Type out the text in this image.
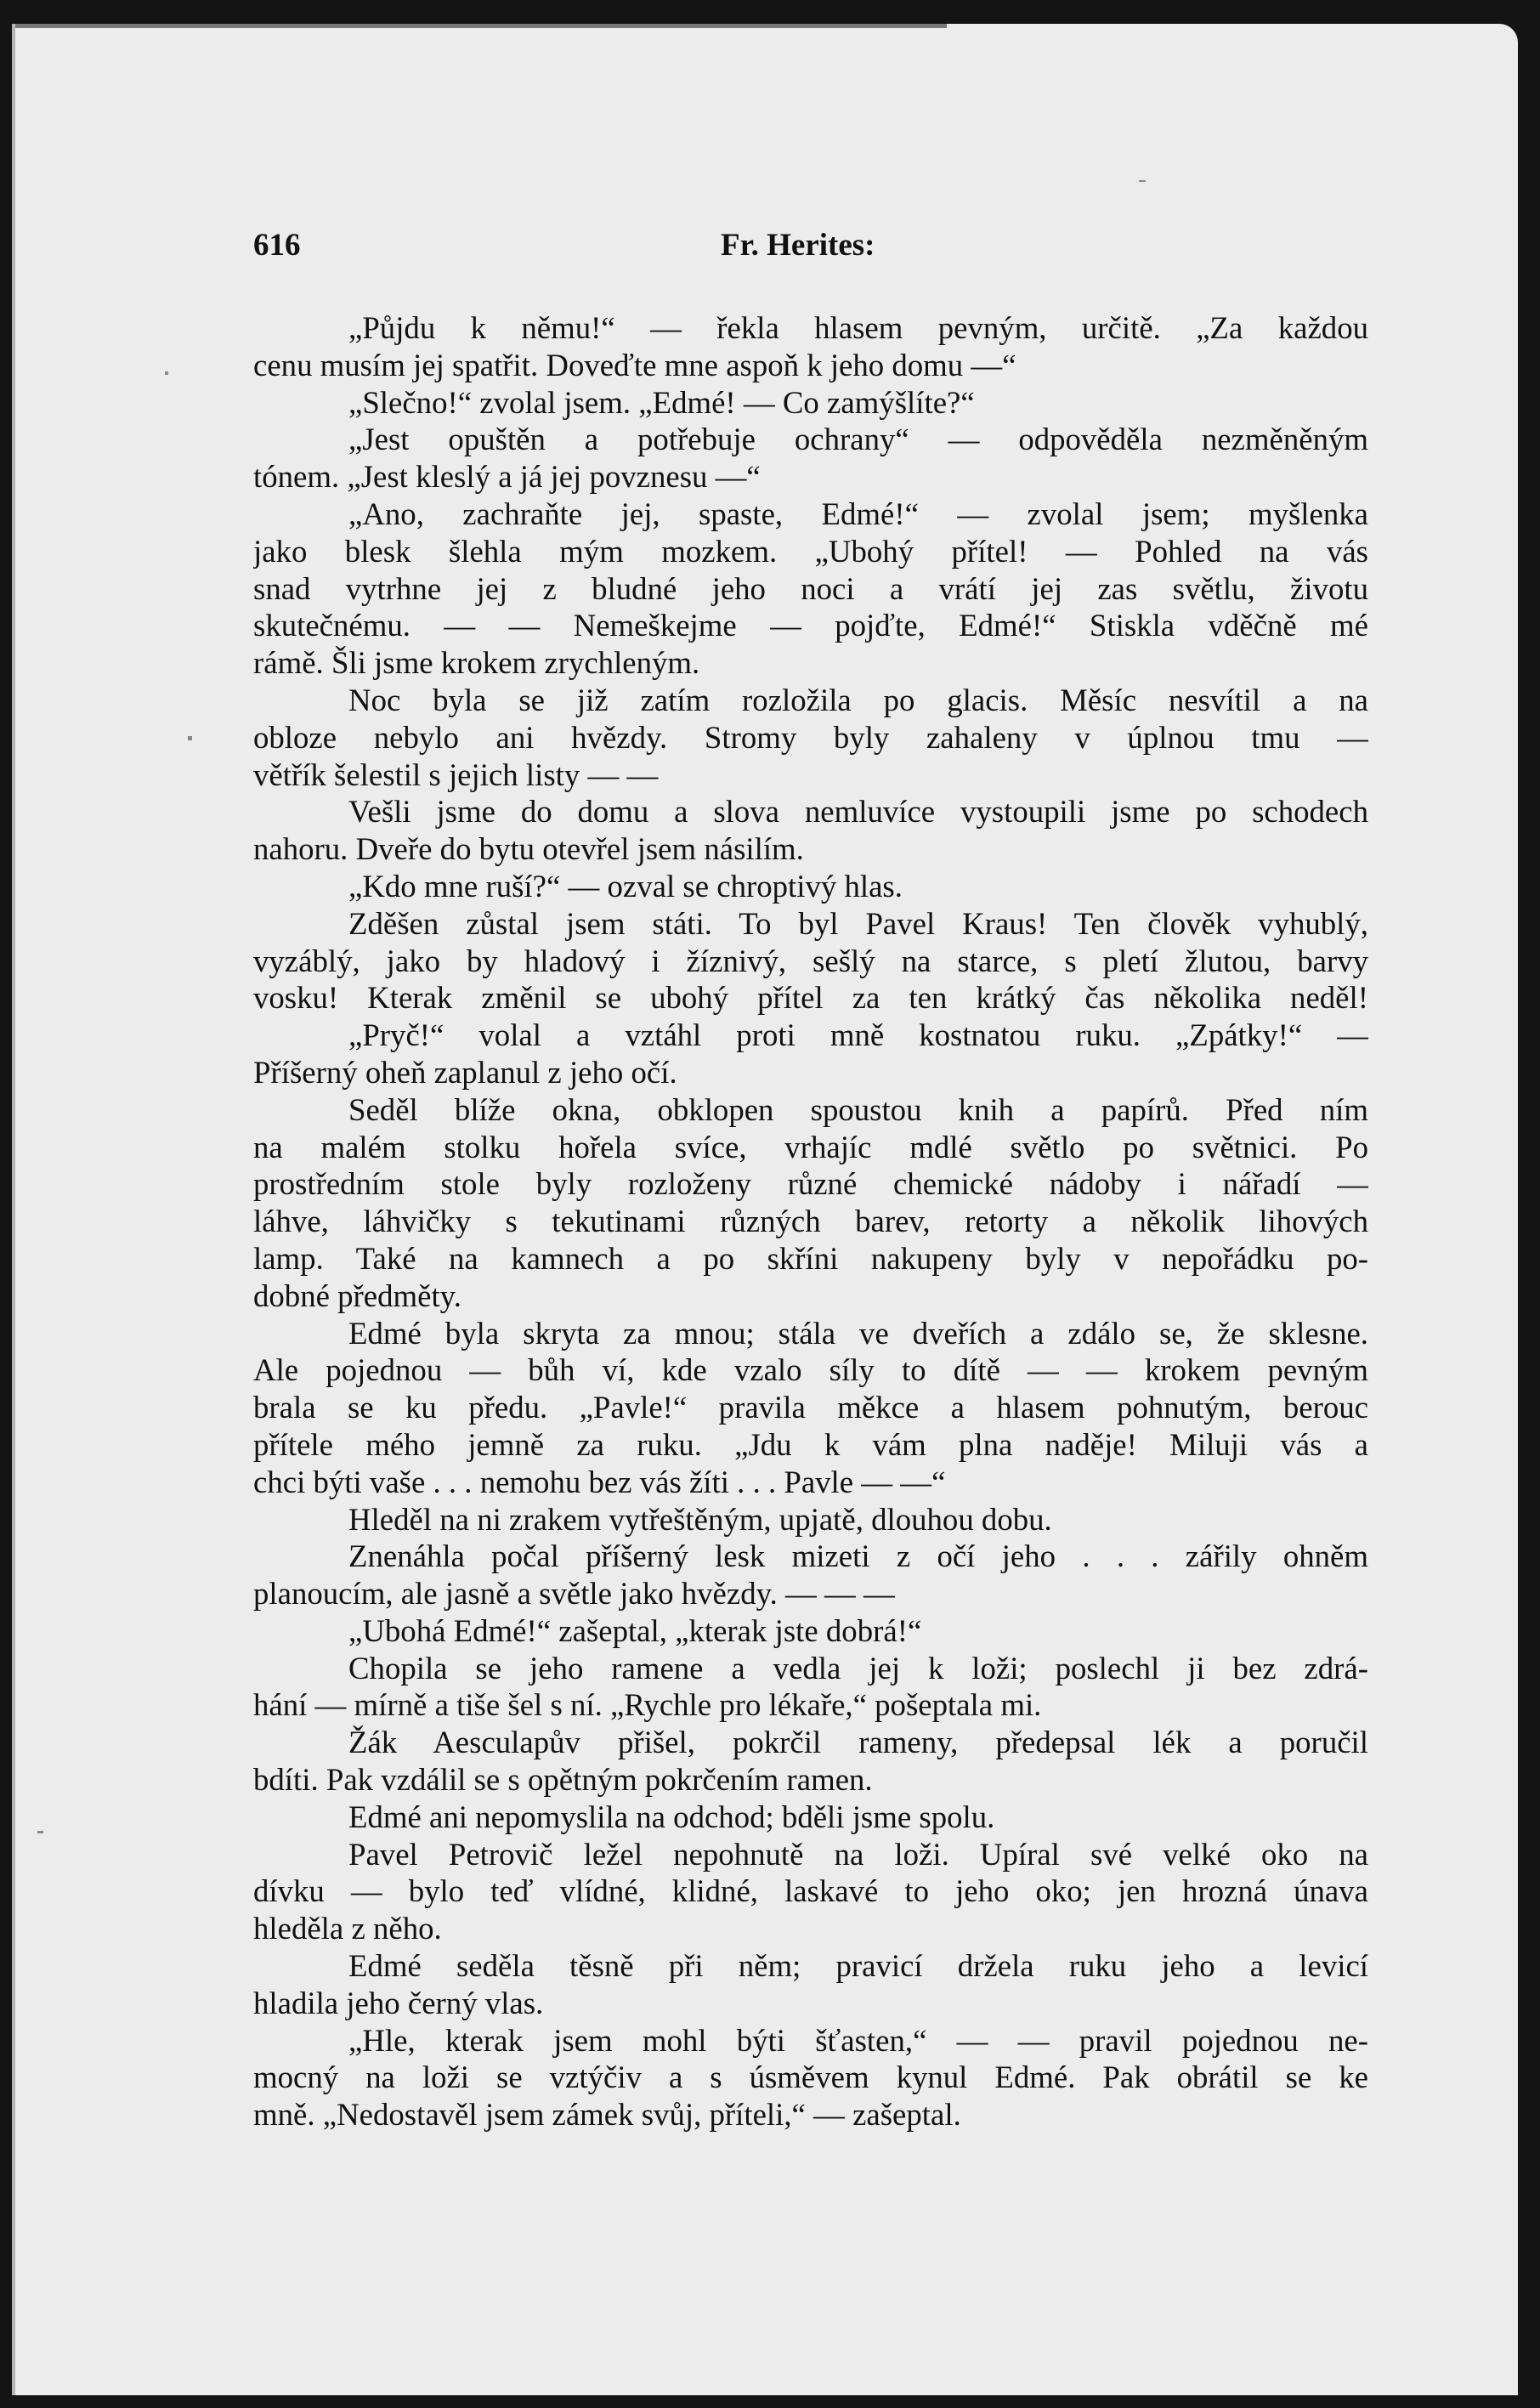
616	Fr. Herites:
„Půjdu k němu!“ — řekla hlasem pevným, určitě. „Za každou
cenu musím jej spatřit. Doveďte mne aspoň k jeho domu —“
„Slečno!“ zvolal jsem. „Edmé! — Co zamýšlíte?“
„Jest opuštěn a potřebuje ochrany“ — odpověděla nezměněným
tónem. „Jest kleslý a já jej povznesu —“
„Ano, zachraňte jej, spaste, Edmé!“ — zvolal jsem; myšlenka
jako blesk šlehla mým mozkem. „Ubohý přítel! — Pohled na vás
snad vytrhne jej z bludné jeho noci a vrátí jej zas světlu, životu
skutečnému. — — Nemeškejme — pojďte, Edmé!“ Stiskla vděčně mé
rámě. Šli jsme krokem zrychleným.
Noc byla se již zatím rozložila po glacis. Měsíc nesvítil a na
obloze nebylo ani hvězdy. Stromy byly zahaleny v úplnou tmu —
větřík šelestil s jejich listy — —
Vešli jsme do domu a slova nemluvíce vystoupili jsme po schodech
nahoru. Dveře do bytu otevřel jsem násilím.
„Kdo mne ruší?“ — ozval se chroptivý hlas.
Zděšen zůstal jsem státi. To byl Pavel Kraus! Ten člověk vyhublý,
vyzáblý, jako by hladový i žíznivý, sešlý na starce, s pletí žlutou, barvy
vosku! Kterak změnil se ubohý přítel za ten krátký čas několika neděl!
„Pryč!“ volal a vztáhl proti mně kostnatou ruku. „Zpátky!“ —
Příšerný oheň zaplanul z jeho očí.
Seděl blíže okna, obklopen spoustou knih a papírů. Před ním
na malém stolku hořela svíce, vrhajíc mdlé světlo po světnici. Po
prostředním stole byly rozloženy různé chemické nádoby i nářadí —
láhve, láhvičky s tekutinami různých barev, retorty a několik lihových
lamp. Také na kamnech a po skříni nakupeny byly v nepořádku po-
dobné předměty.
Edmé byla skryta za mnou; stála ve dveřích a zdálo se, že sklesne.
Ale pojednou — bůh ví, kde vzalo síly to dítě — — krokem pevným
brala se ku předu. „Pavle!“ pravila měkce a hlasem pohnutým, berouc
přítele mého jemně za ruku. „Jdu k vám plna naděje! Miluji vás a
chci býti vaše . . . nemohu bez vás žíti . . . Pavle — —“
Hleděl na ni zrakem vytřeštěným, upjatě, dlouhou dobu.
Znenáhla počal příšerný lesk mizeti z očí jeho . . . zářily ohněm
planoucím, ale jasně a světle jako hvězdy. — — —
„Ubohá Edmé!“ zašeptal, „kterak jste dobrá!“
Chopila se jeho ramene a vedla jej k loži; poslechl ji bez zdrá-
hání — mírně a tiše šel s ní. „Rychle pro lékaře,“ pošeptala mi.
Žák Aesculapův přišel, pokrčil rameny, předepsal lék a poručil
bdíti. Pak vzdálil se s opětným pokrčením ramen.
Edmé ani nepomyslila na odchod; bděli jsme spolu.
Pavel Petrovič ležel nepohnutě na loži. Upíral své velké oko na
dívku — bylo teď vlídné, klidné, laskavé to jeho oko; jen hrozná únava
hleděla z něho.
Edmé seděla těsně při něm; pravicí držela ruku jeho a levicí
hladila jeho černý vlas.
„Hle, kterak jsem mohl býti šťasten,“ — — pravil pojednou ne-
mocný na loži se vztýčiv a s úsměvem kynul Edmé. Pak obrátil se ke
mně. „Nedostavěl jsem zámek svůj, příteli,“ — zašeptal.
